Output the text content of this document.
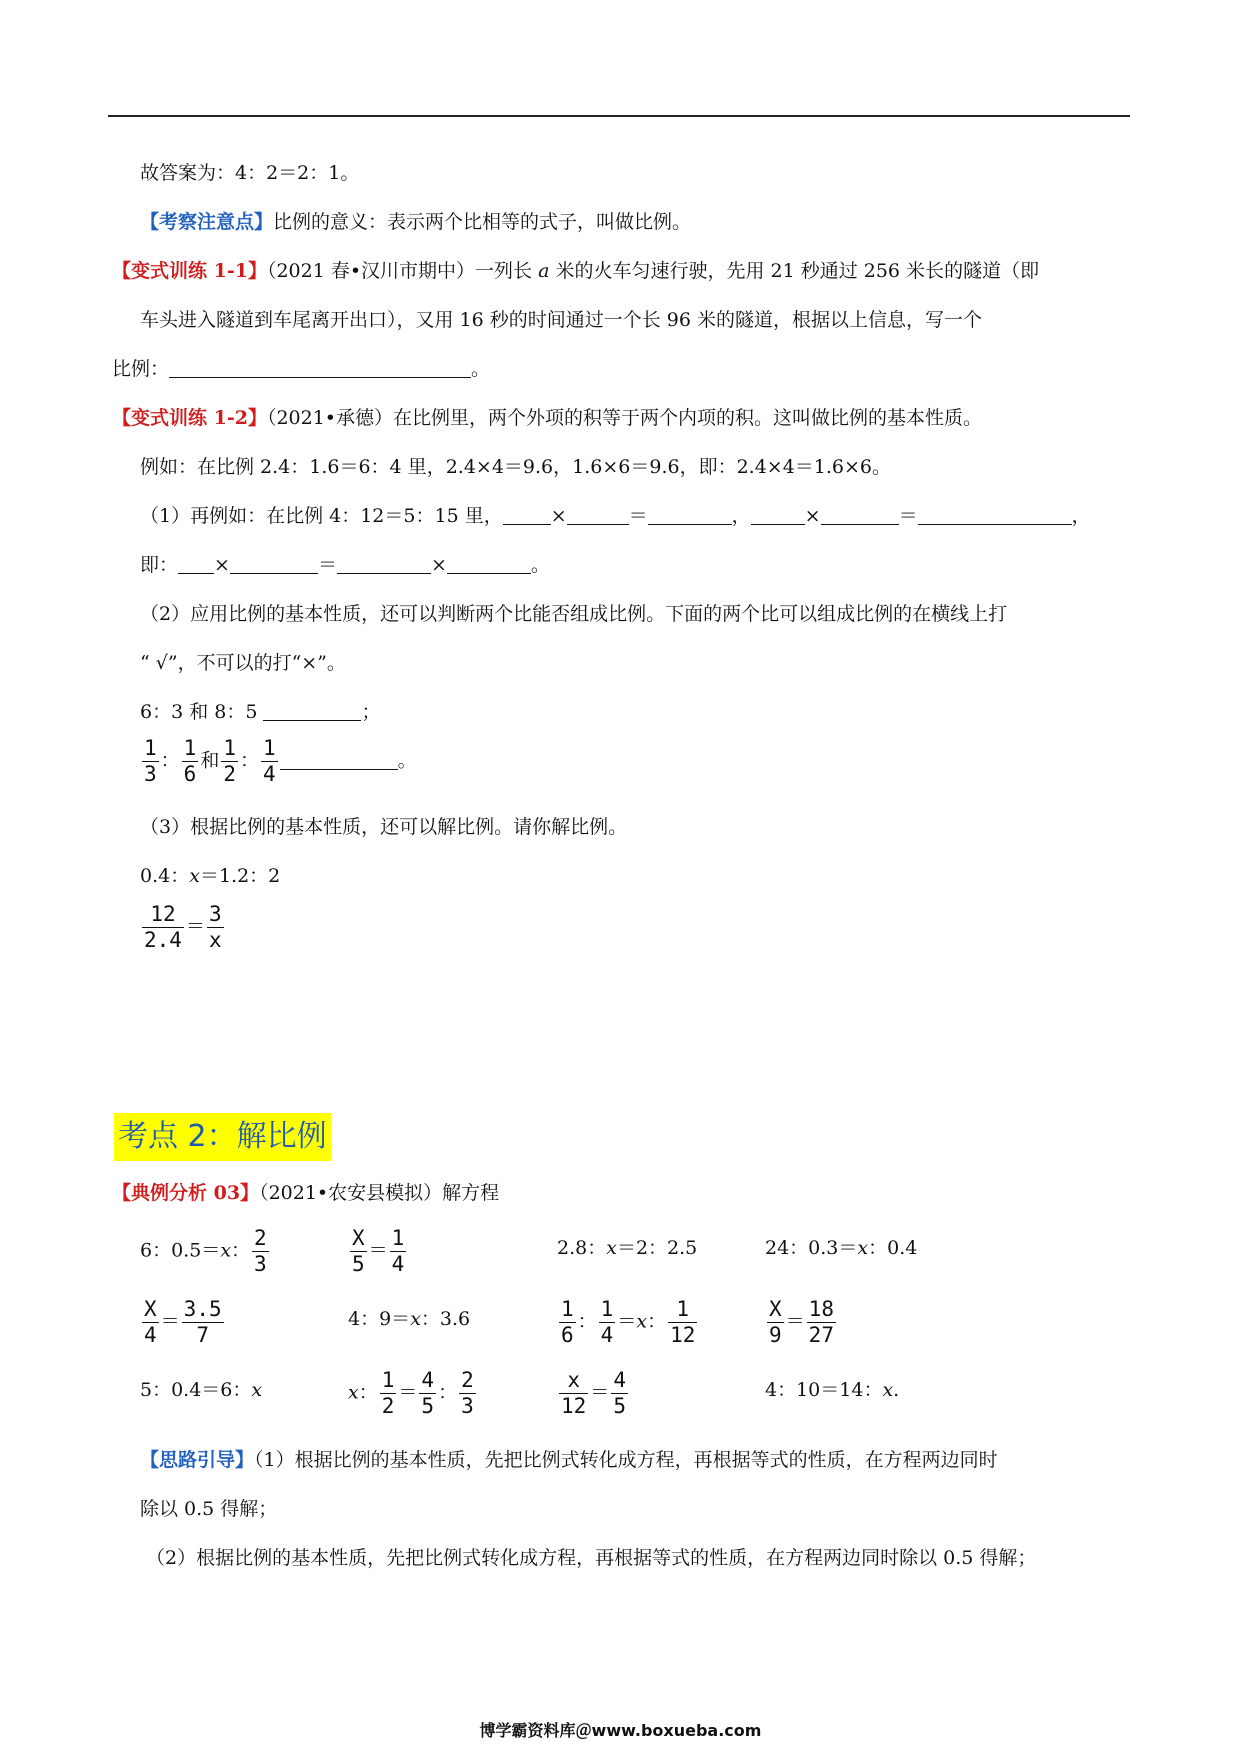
故答案为：4：2＝2：1。
【考察注意点】比例的意义：表示两个比相等的式子，叫做比例。
【变式训练 1-1】（2021 春•汉川市期中）一列长 a 米的火车匀速行驶，先用 21 秒通过 256 米长的隧道（即
车头进入隧道到车尾离开出口），又用 16 秒的时间通过一个长 96 米的隧道，根据以上信息，写一个
比例：	。
【变式训练 1-2】（2021•承德）在比例里，两个外项的积等于两个内项的积。这叫做比例的基本性质。
例如：在比例 2.4：1.6＝6：4 里，2.4×4＝9.6，1.6×6＝9.6，即：2.4×4＝1.6×6。
（1）再例如：在比例 4：12＝5：15 里，	×	＝	，	×	＝	，
即： ×	＝	×	。
（2）应用比例的基本性质，还可以判断两个比能否组成比例。下面的两个比可以组成比例的在横线上打
“ √”，不可以的打“×”。
6：3 和 8：5	；
$\frac{1}{3}$ ： $\frac{1}{6}$ 和 $\frac{1}{2}$ ： $\frac{1}{4}$	。
（3）根据比例的基本性质，还可以解比例。请你解比例。
0.4：x＝1.2：2
$\frac{12}{2.4} = \frac{3}{x}$
考点 2：解比例
【典例分析 03】（2021•农安县模拟）解方程
6：0.5＝x： $\frac{2}{3}$	$\frac{X}{5} = \frac{1}{4}$	2.8：x＝2：2.5	24：0.3＝x：0.4
$\frac{X}{4} = \frac{3.5}{7}$	4：9＝x：3.6	$\frac{1}{6}$ ： $\frac{1}{4} =x$： $\frac{1}{12}$	$\frac{X}{9} = \frac{18}{27}$
5：0.4＝6：x	x： $\frac{1}{2} = \frac{4}{5}$ ： $\frac{2}{3}$	$\frac{x}{12} = \frac{4}{5}$	4：10＝14：x.
【思路引导】（1）根据比例的基本性质，先把比例式转化成方程，再根据等式的性质，在方程两边同时
除以 0.5 得解；
（2）根据比例的基本性质，先把比例式转化成方程，再根据等式的性质，在方程两边同时除以 0.5 得解；
博学霸资料库＠www.boxueba.com
